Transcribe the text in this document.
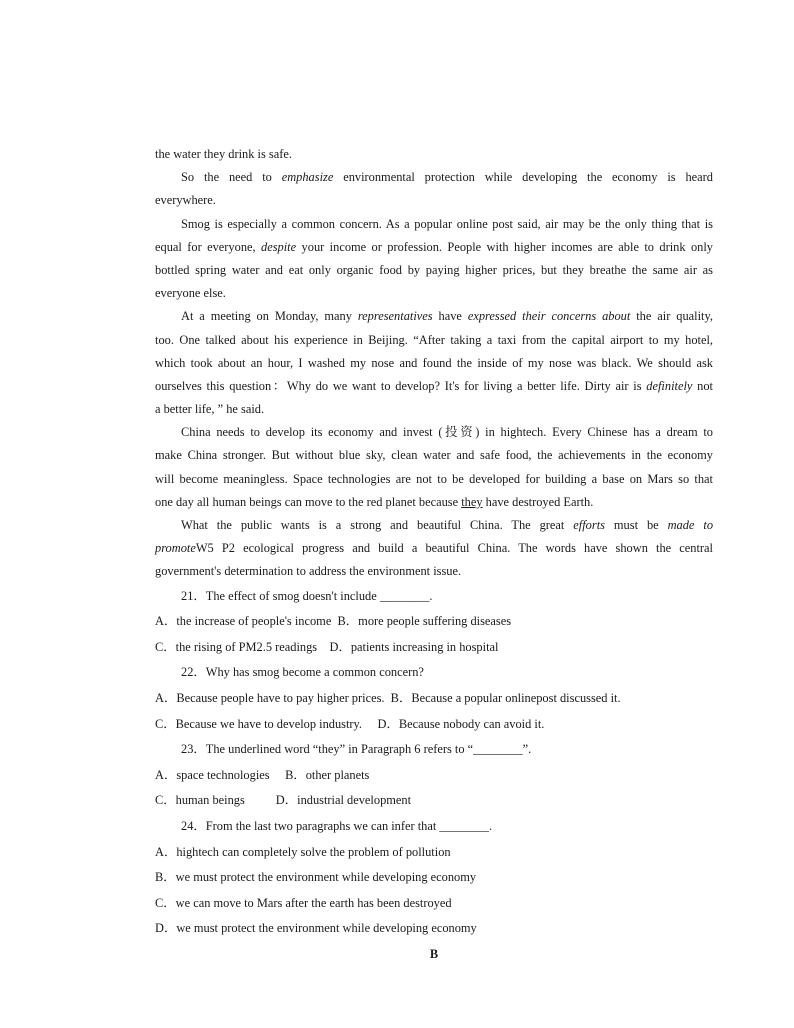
the water they drink is safe.
So the need to emphasize environmental protection while developing the economy is heard
everywhere.
Smog is especially a common concern. As a popular online post said, air may be the only thing that is
equal for everyone, despite your income or profession. People with higher incomes are able to drink only
bottled spring water and eat only organic food by paying higher prices, but they breathe the same air as
everyone else.
At a meeting on Monday, many representatives have expressed their concerns about the air quality,
too. One talked about his experience in Beijing. “After taking a taxi from the capital airport to my hotel,
which took about an hour, I washed my nose and found the inside of my nose was black. We should ask
ourselves this question：Why do we want to develop? It's for living a better life. Dirty air is definitely not
a better life, ” he said.
China needs to develop its economy and invest (投资) in hightech. Every Chinese has a dream to
make China stronger. But without blue sky, clean water and safe food, the achievements in the economy
will become meaningless. Space technologies are not to be developed for building a base on Mars so that
one day all human beings can move to the red planet because they have destroyed Earth.
What the public wants is a strong and beautiful China. The great efforts must be made to
promoteW5 P2 ecological progress and build a beautiful China. The words have shown the central
government's determination to address the environment issue.
21．The effect of smog doesn't include ________.
A．the increase of people's income  B．more people suffering diseases
C．the rising of PM2.5 readings    D．patients increasing in hospital
22．Why has smog become a common concern?
A．Because people have to pay higher prices.  B．Because a popular onlinepost discussed it.
C．Because we have to develop industry.     D．Because nobody can avoid it.
23．The underlined word “they” in Paragraph 6 refers to “________”.
A．space technologies     B．other planets
C．human beings          D．industrial development
24．From the last two paragraphs we can infer that ________.
A．hightech can completely solve the problem of pollution
B．we must protect the environment while developing economy
C．we can move to Mars after the earth has been destroyed
D．we must protect the environment while developing economy
B
